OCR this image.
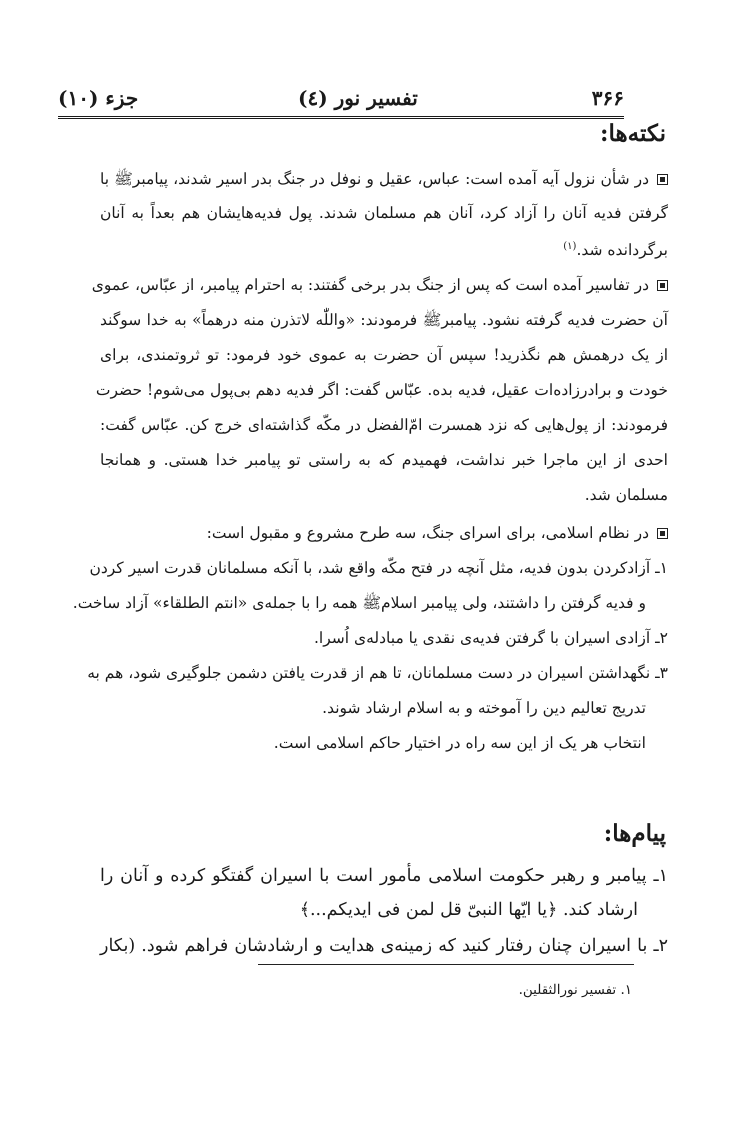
۳۶۶
تفسیر نور (٤)
جزء (١٠)
نکته‌ها:
در شأن نزول آیه آمده است: عباس، عقیل و نوفل در جنگ بدر اسیر شدند، پیامبرﷺ با
گرفتن فدیه آنان را آزاد کرد، آنان هم مسلمان شدند. پول فدیه‌هایشان هم بعداً به آنان
برگردانده شد.$^{(١)}$
در تفاسیر آمده است که پس از جنگ بدر برخی گفتند: به احترام پیامبر، از عبّاس، عموی
آن حضرت فدیه گرفته نشود. پیامبرﷺ فرمودند: «واللّٰه لاتذرن منه درهماً» به خدا سوگند
از یک درهمش هم نگذرید! سپس آن حضرت به عموی خود فرمود: تو ثروتمندی، برای
خودت و برادرزاده‌ات عقیل، فدیه بده. عبّاس گفت: اگر فدیه دهم بی‌پول می‌شوم! حضرت
فرمودند: از پول‌هایی که نزد همسرت امّ‌الفضل در مکّه گذاشته‌ای خرج کن. عبّاس گفت:
احدی از این ماجرا خبر نداشت، فهمیدم که به راستی تو پیامبر خدا هستی. و همانجا
مسلمان شد.
در نظام اسلامی، برای اسرای جنگ، سه طرح مشروع و مقبول است:
١ـ آزادکردن بدون فدیه، مثل آنچه در فتح مکّه واقع شد، با آنکه مسلمانان قدرت اسیر کردن
و فدیه گرفتن را داشتند، ولی پیامبر اسلامﷺ همه را با جمله‌ی «انتم الطلقاء» آزاد ساخت.
٢ـ آزادی اسیران با گرفتن فدیه‌ی نقدی یا مبادله‌ی اُسرا.
٣ـ نگهداشتن اسیران در دست مسلمانان، تا هم از قدرت یافتن دشمن جلوگیری شود، هم به
تدریج تعالیم دین را آموخته و به اسلام ارشاد شوند.
انتخاب هر یک از این سه راه در اختیار حاکم اسلامی است.
پیام‌ها:
١ـ پیامبر و رهبر حکومت اسلامی مأمور است با اسیران گفتگو کرده و آنان را
ارشاد کند. ﴿یا ایّها النبیّ قل لمن فی ایدیکم...﴾
٢ـ با اسیران چنان رفتار کنید که زمینه‌ی هدایت و ارشادشان فراهم شود. (بکار
١. تفسیر نورالثقلین.
